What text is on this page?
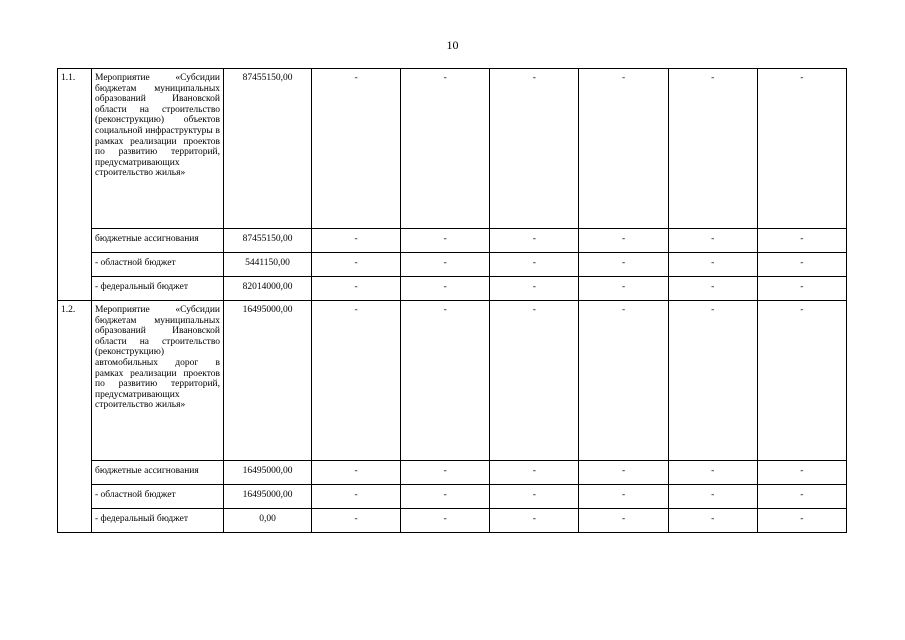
10
1.1.	Мероприятие «Субсидии бюджетам муниципальных образований Ивановской области на строительство (реконструкцию) объектов социальной инфраструктуры в рамках реализации проектов по развитию территорий, предусматривающих строительство жилья»	87455150,00	-	-	-	-	-	-
	бюджетные ассигнования	87455150,00	-	-	-	-	-	-
	- областной бюджет	5441150,00	-	-	-	-	-	-
	- федеральный бюджет	82014000,00	-	-	-	-	-	-
1.2.	Мероприятие «Субсидии бюджетам муниципальных образований Ивановской области на строительство (реконструкцию) автомобильных дорог в рамках реализации проектов по развитию территорий, предусматривающих строительство жилья»	16495000,00	-	-	-	-	-	-
	бюджетные ассигнования	16495000,00	-	-	-	-	-	-
	- областной бюджет	16495000,00	-	-	-	-	-	-
	- федеральный бюджет	0,00	-	-	-	-	-	-
